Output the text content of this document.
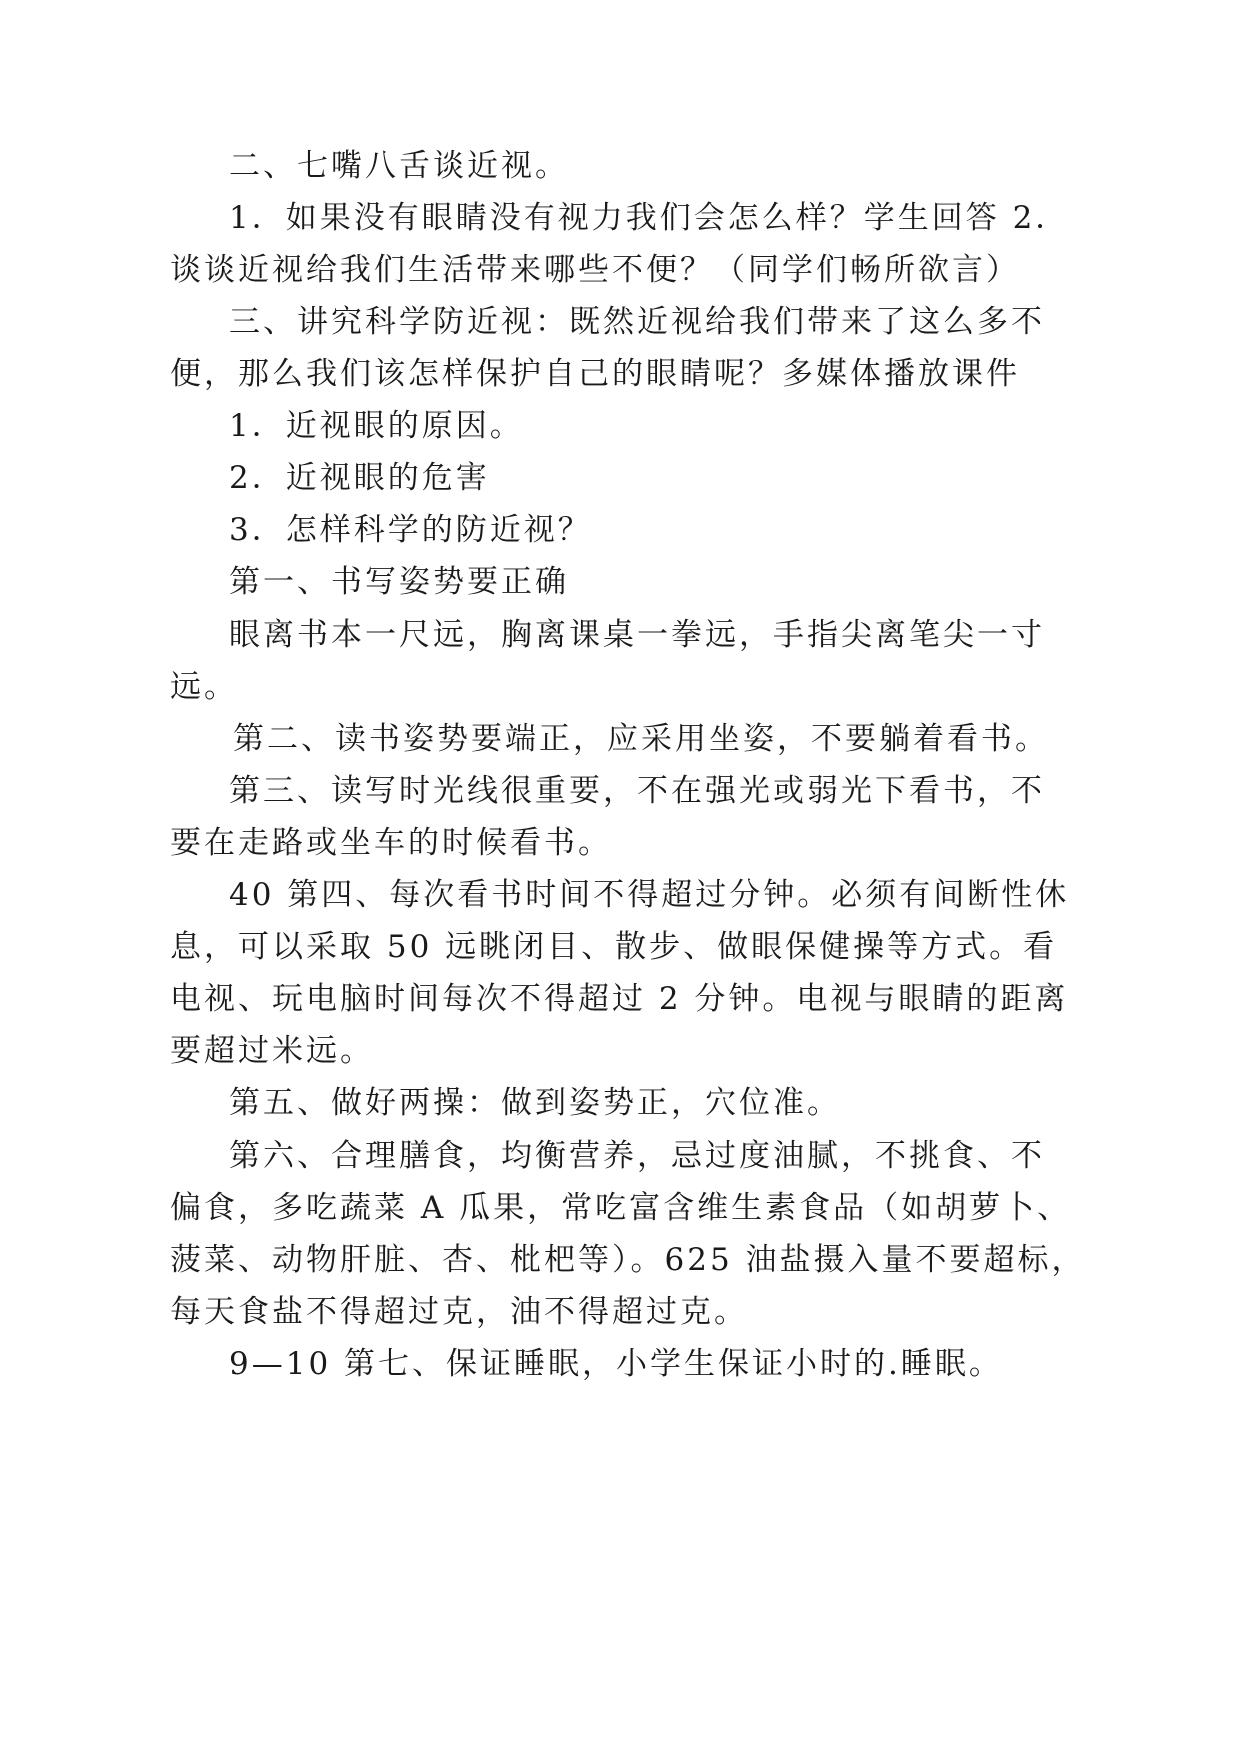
二、七嘴八舌谈近视。
1．如果没有眼睛没有视力我们会怎么样？学生回答 2．
谈谈近视给我们生活带来哪些不便？（同学们畅所欲言）
三、讲究科学防近视：既然近视给我们带来了这么多不
便，那么我们该怎样保护自己的眼睛呢？多媒体播放课件
1．近视眼的原因。
2．近视眼的危害
3．怎样科学的防近视？
第一、书写姿势要正确
眼离书本一尺远，胸离课桌一拳远，手指尖离笔尖一寸
远。
第二、读书姿势要端正，应采用坐姿，不要躺着看书。
第三、读写时光线很重要，不在强光或弱光下看书，不
要在走路或坐车的时候看书。
40 第四、每次看书时间不得超过分钟。必须有间断性休
息，可以采取 50 远眺闭目、散步、做眼保健操等方式。看
电视、玩电脑时间每次不得超过 2 分钟。电视与眼睛的距离
要超过米远。
第五、做好两操：做到姿势正，穴位准。
第六、合理膳食，均衡营养，忌过度油腻，不挑食、不
偏食，多吃蔬菜 A 瓜果，常吃富含维生素食品（如胡萝卜、
菠菜、动物肝脏、杏、枇杷等）。625 油盐摄入量不要超标，
每天食盐不得超过克，油不得超过克。
9—10 第七、保证睡眠，小学生保证小时的.睡眠。
